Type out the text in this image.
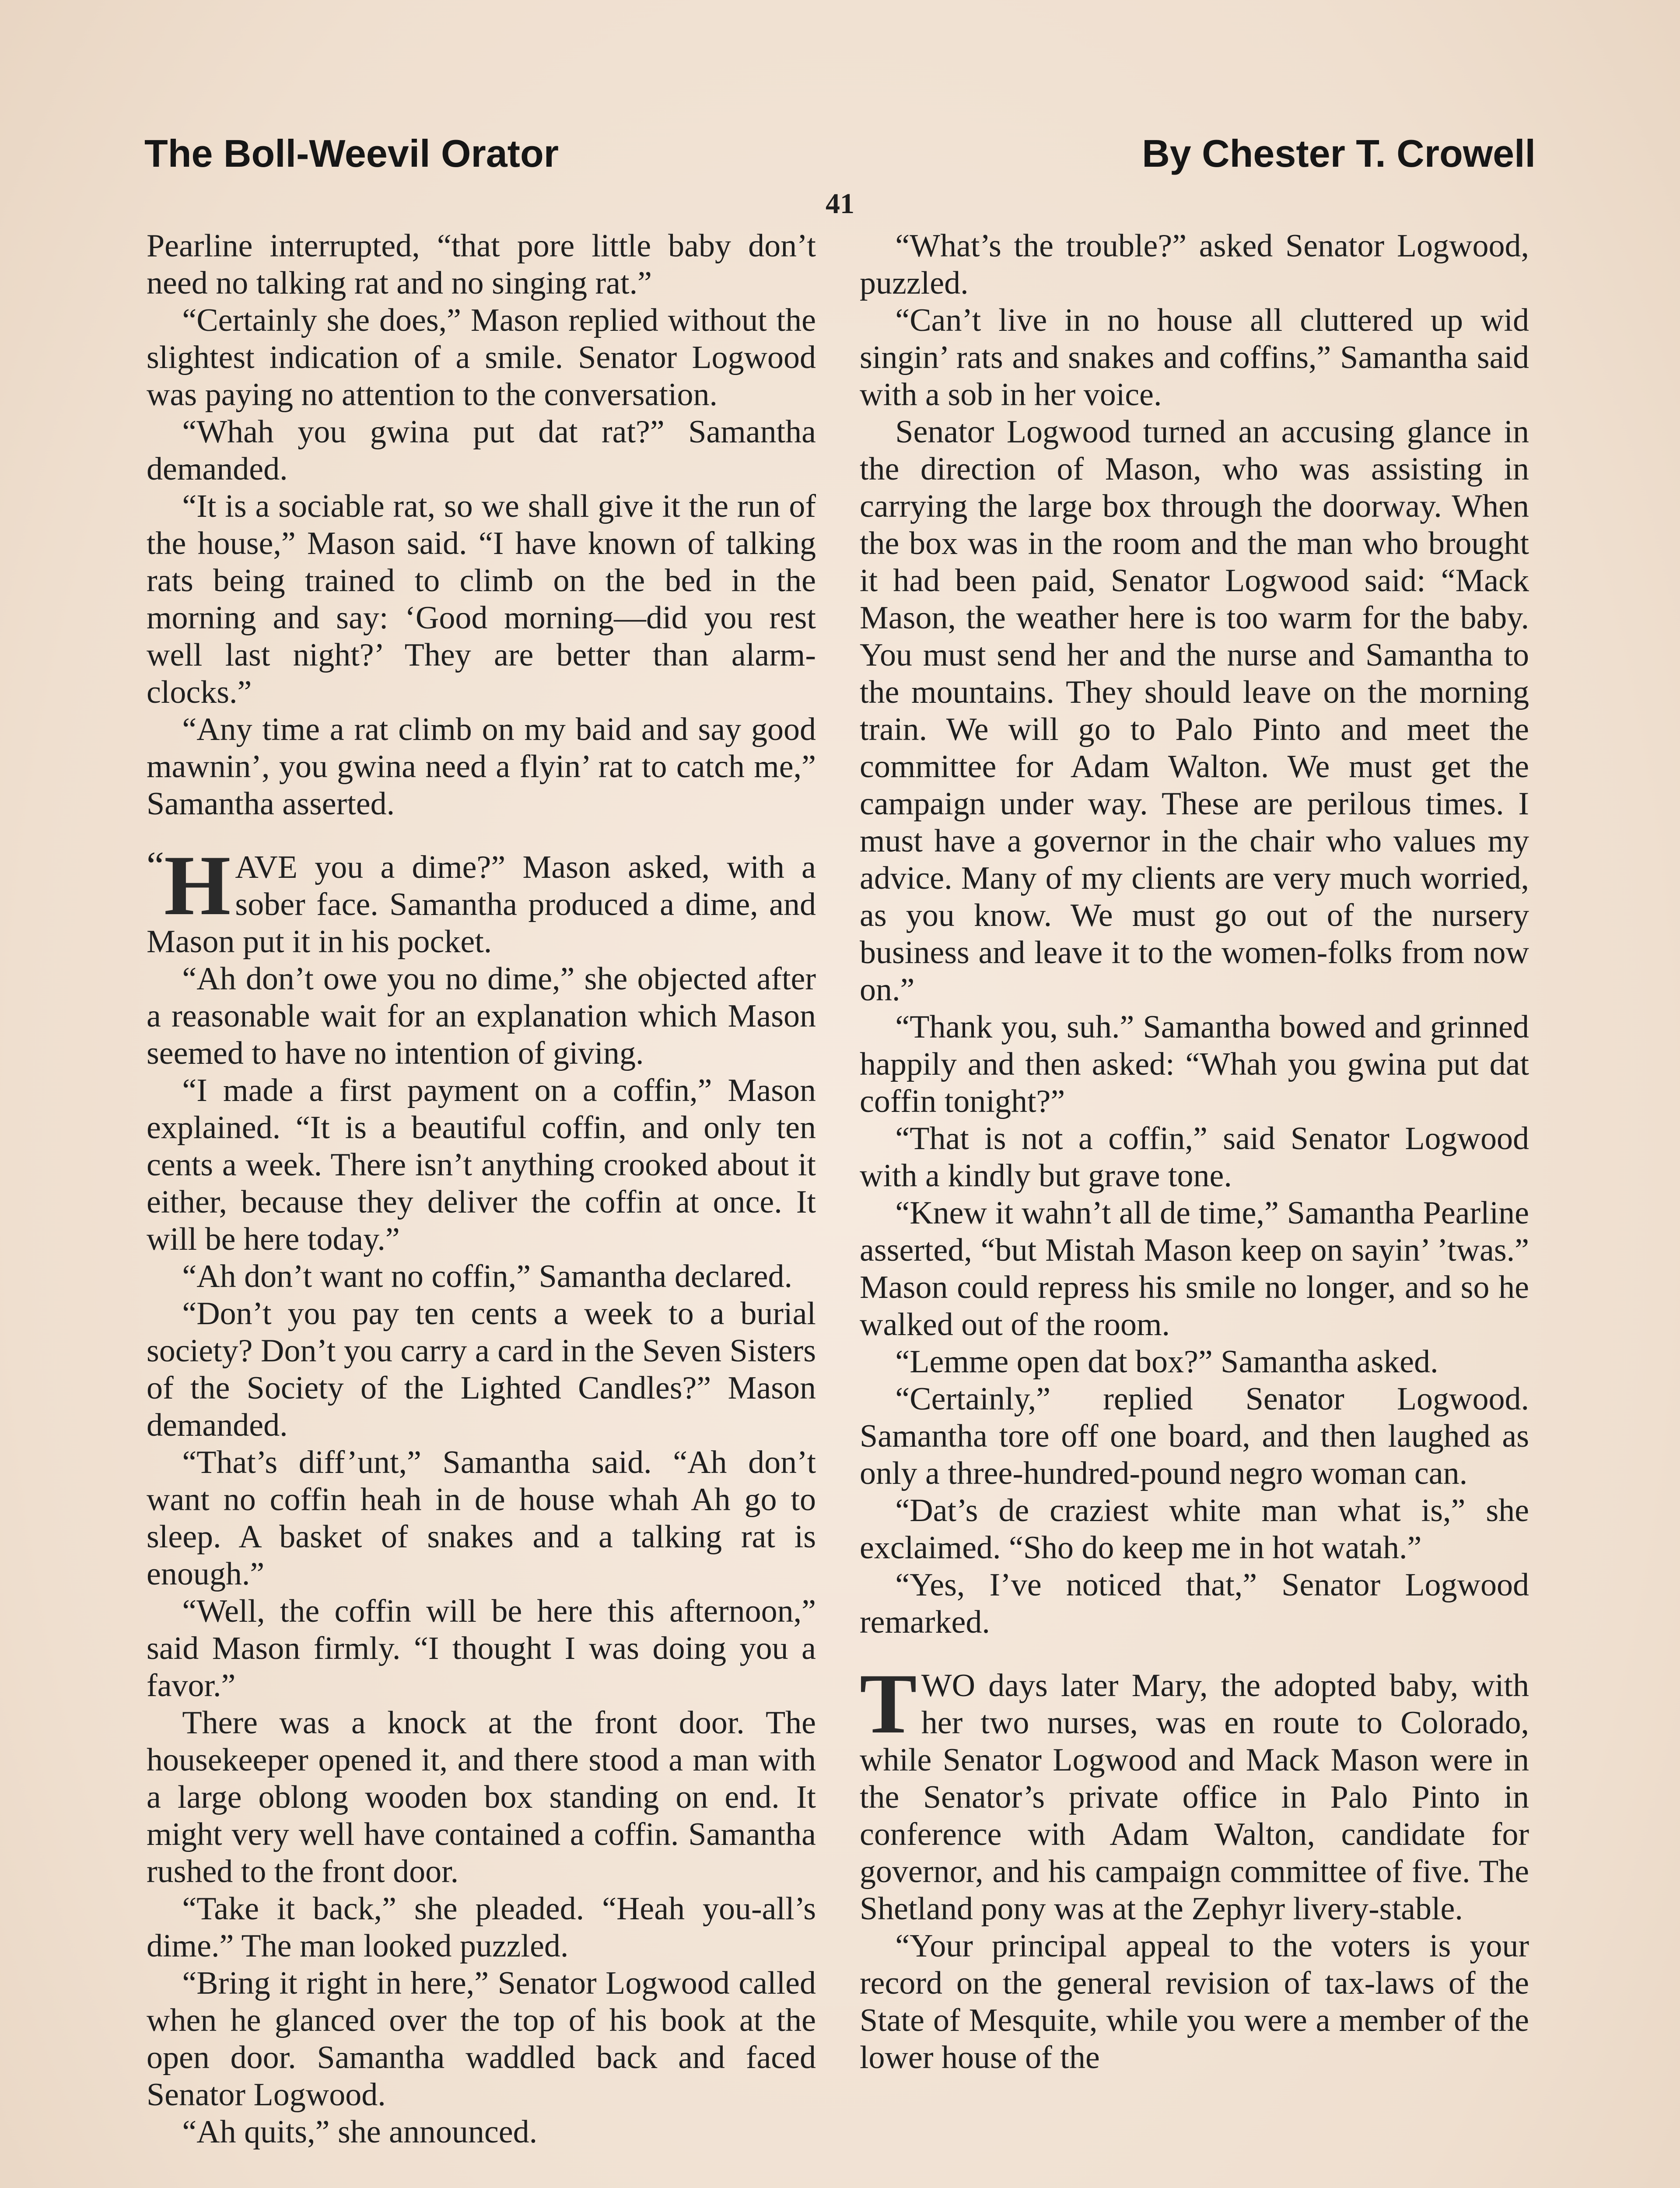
The Boll-Weevil Orator	By Chester T. Crowell
41

Pearline interrupted, “that pore little baby don’t need no talking rat and no singing rat.”

“Certainly she does,” Mason replied without the slightest indication of a smile. Senator Logwood was paying no attention to the conversation.

“Whah you gwina put dat rat?” Samantha demanded.

“It is a sociable rat, so we shall give it the run of the house,” Mason said. “I have known of talking rats being trained to climb on the bed in the morning and say: ‘Good morning—did you rest well last night?’ They are better than alarm-clocks.”

“Any time a rat climb on my baid and say good mawnin’, you gwina need a flyin’ rat to catch me,” Samantha asserted.

“ H AVE you a dime?” Mason asked, with a sober face. Samantha produced a dime, and Mason put it in his pocket.

“Ah don’t owe you no dime,” she objected after a reasonable wait for an explanation which Mason seemed to have no intention of giving.

“I made a first payment on a coffin,” Mason explained. “It is a beautiful coffin, and only ten cents a week. There isn’t anything crooked about it either, because they deliver the coffin at once. It will be here today.”

“Ah don’t want no coffin,” Samantha declared.

“Don’t you pay ten cents a week to a burial society? Don’t you carry a card in the Seven Sisters of the Society of the Lighted Candles?” Mason demanded.

“That’s diff’unt,” Samantha said. “Ah don’t want no coffin heah in de house whah Ah go to sleep. A basket of snakes and a talking rat is enough.”

“Well, the coffin will be here this afternoon,” said Mason firmly. “I thought I was doing you a favor.”

There was a knock at the front door. The housekeeper opened it, and there stood a man with a large oblong wooden box standing on end. It might very well have contained a coffin. Samantha rushed to the front door.

“Take it back,” she pleaded. “Heah you-all’s dime.” The man looked puzzled.

“Bring it right in here,” Senator Logwood called when he glanced over the top of his book at the open door. Samantha waddled back and faced Senator Logwood.

“Ah quits,” she announced.

“What’s the trouble?” asked Senator Logwood, puzzled.

“Can’t live in no house all cluttered up wid singin’ rats and snakes and coffins,” Samantha said with a sob in her voice.

Senator Logwood turned an accusing glance in the direction of Mason, who was assisting in carrying the large box through the doorway. When the box was in the room and the man who brought it had been paid, Senator Logwood said: “Mack Mason, the weather here is too warm for the baby. You must send her and the nurse and Samantha to the mountains. They should leave on the morning train. We will go to Palo Pinto and meet the committee for Adam Walton. We must get the campaign under way. These are perilous times. I must have a governor in the chair who values my advice. Many of my clients are very much worried, as you know. We must go out of the nursery business and leave it to the women-folks from now on.”

“Thank you, suh.” Samantha bowed and grinned happily and then asked: “Whah you gwina put dat coffin tonight?”

“That is not a coffin,” said Senator Logwood with a kindly but grave tone.

“Knew it wahn’t all de time,” Samantha Pearline asserted, “but Mistah Mason keep on sayin’ ’twas.” Mason could repress his smile no longer, and so he walked out of the room.

“Lemme open dat box?” Samantha asked.

“Certainly,” replied Senator Logwood. Samantha tore off one board, and then laughed as only a three-hundred-pound negro woman can.

“Dat’s de craziest white man what is,” she exclaimed. “Sho do keep me in hot watah.”

“Yes, I’ve noticed that,” Senator Logwood remarked.

TWO days later Mary, the adopted baby, with her two nurses, was en route to Colorado, while Senator Logwood and Mack Mason were in the Senator’s private office in Palo Pinto in conference with Adam Walton, candidate for governor, and his campaign committee of five. The Shetland pony was at the Zephyr livery-stable.

“Your principal appeal to the voters is your record on the general revision of tax-laws of the State of Mesquite, while you were a member of the lower house of the
